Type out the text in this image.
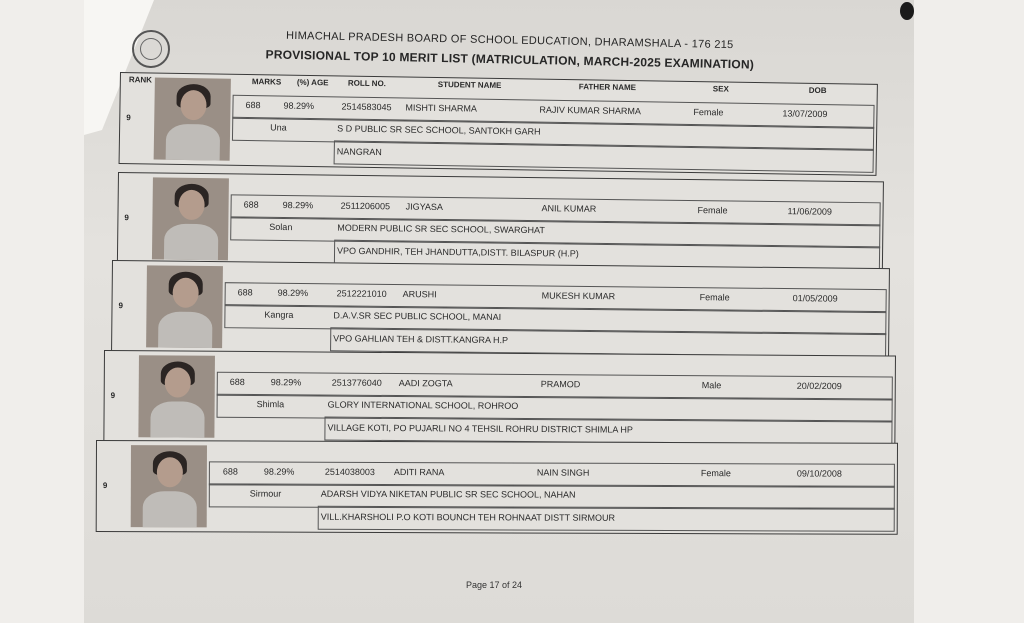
HIMACHAL PRADESH BOARD OF SCHOOL EDUCATION, DHARAMSHALA - 176 215
PROVISIONAL TOP 10 MERIT LIST (MATRICULATION, MARCH-2025 EXAMINATION)
9
688	98.29%	2514583045 MISHTI SHARMA	RAJIV KUMAR SHARMA	Female	13/07/2009
Una	S D PUBLIC SR SEC SCHOOL, SANTOKH GARH
NANGRAN
RANK	MARKS (%) AGE ROLL NO.	STUDENT NAME	FATHER NAME	SEX	DOB
9
688	98.29%	2511206005 JIGYASA	ANIL KUMAR	Female	11/06/2009
Solan	MODERN PUBLIC SR SEC SCHOOL, SWARGHAT
VPO GANDHIR, TEH JHANDUTTA,DISTT. BILASPUR (H.P)
9
688	98.29%	2512221010 ARUSHI	MUKESH KUMAR	Female	01/05/2009
Kangra	D.A.V.SR SEC PUBLIC SCHOOL, MANAI
VPO GAHLIAN TEH & DISTT.KANGRA H.P
9
688	98.29%	2513776040 AADI ZOGTA	PRAMOD	Male	20/02/2009
Shimla	GLORY INTERNATIONAL SCHOOL, ROHROO
VILLAGE KOTI, PO PUJARLI NO 4 TEHSIL ROHRU DISTRICT SHIMLA HP
9
688	98.29%	2514038003 ADITI RANA	NAIN SINGH	Female	09/10/2008
Sirmour	ADARSH VIDYA NIKETAN PUBLIC SR SEC SCHOOL, NAHAN
VILL.KHARSHOLI P.O KOTI BOUNCH TEH ROHNAAT DISTT SIRMOUR
Page 17 of 24
